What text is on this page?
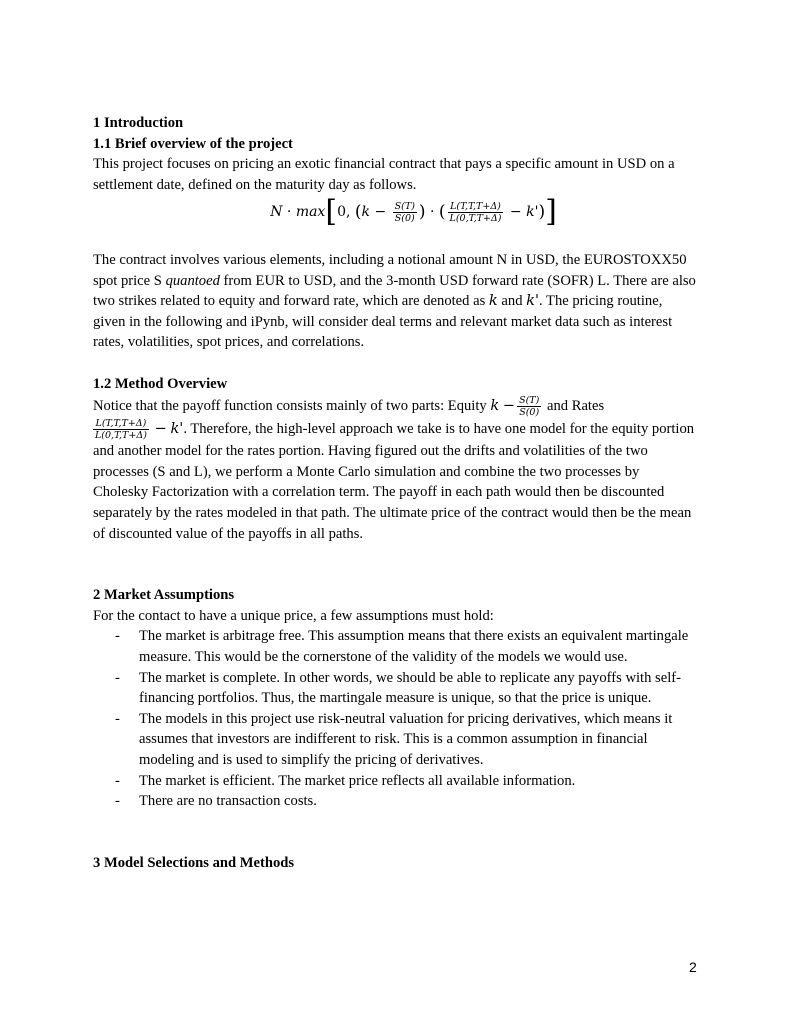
1 Introduction
1.1 Brief overview of the project

This project focuses on pricing an exotic financial contract that pays a specific amount in USD on a settlement date, defined on the maturity day as follows.

N · max[0, ($k - \frac{S(T)}{S(0)}$ ) · ( $\frac{L(T,T,T+\Delta)}{L(0,T,T+\Delta)} - k'$)]

The contract involves various elements, including a notional amount N in USD, the EUROSTOXX50 spot price S quantoed from EUR to USD, and the 3-month USD forward rate (SOFR) L. There are also two strikes related to equity and forward rate, which are denoted as k and k'. The pricing routine, given in the following and iPynb, will consider deal terms and relevant market data such as interest rates, volatilities, spot prices, and correlations.

1.2 Method Overview

Notice that the payoff function consists mainly of two parts: Equity $k - \frac{S(T)}{S(0)}$ and Rates

$\frac{L(T,T,T+\Delta)}{L(0,T,T+\Delta)} - k'$. Therefore, the high-level approach we take is to have one model for the equity portion and another model for the rates portion. Having figured out the drifts and volatilities of the two processes (S and L), we perform a Monte Carlo simulation and combine the two processes by Cholesky Factorization with a correlation term. The payoff in each path would then be discounted separately by the rates modeled in that path. The ultimate price of the contract would then be the mean of discounted value of the payoffs in all paths.

2 Market Assumptions

For the contact to have a unique price, a few assumptions must hold:

- The market is arbitrage free. This assumption means that there exists an equivalent martingale measure. This would be the cornerstone of the validity of the models we would use.
- The market is complete. In other words, we should be able to replicate any payoffs with self-financing portfolios. Thus, the martingale measure is unique, so that the price is unique.
- The models in this project use risk-neutral valuation for pricing derivatives, which means it assumes that investors are indifferent to risk. This is a common assumption in financial modeling and is used to simplify the pricing of derivatives.
- The market is efficient. The market price reflects all available information.
- There are no transaction costs.
3 Model Selections and Methods
2
